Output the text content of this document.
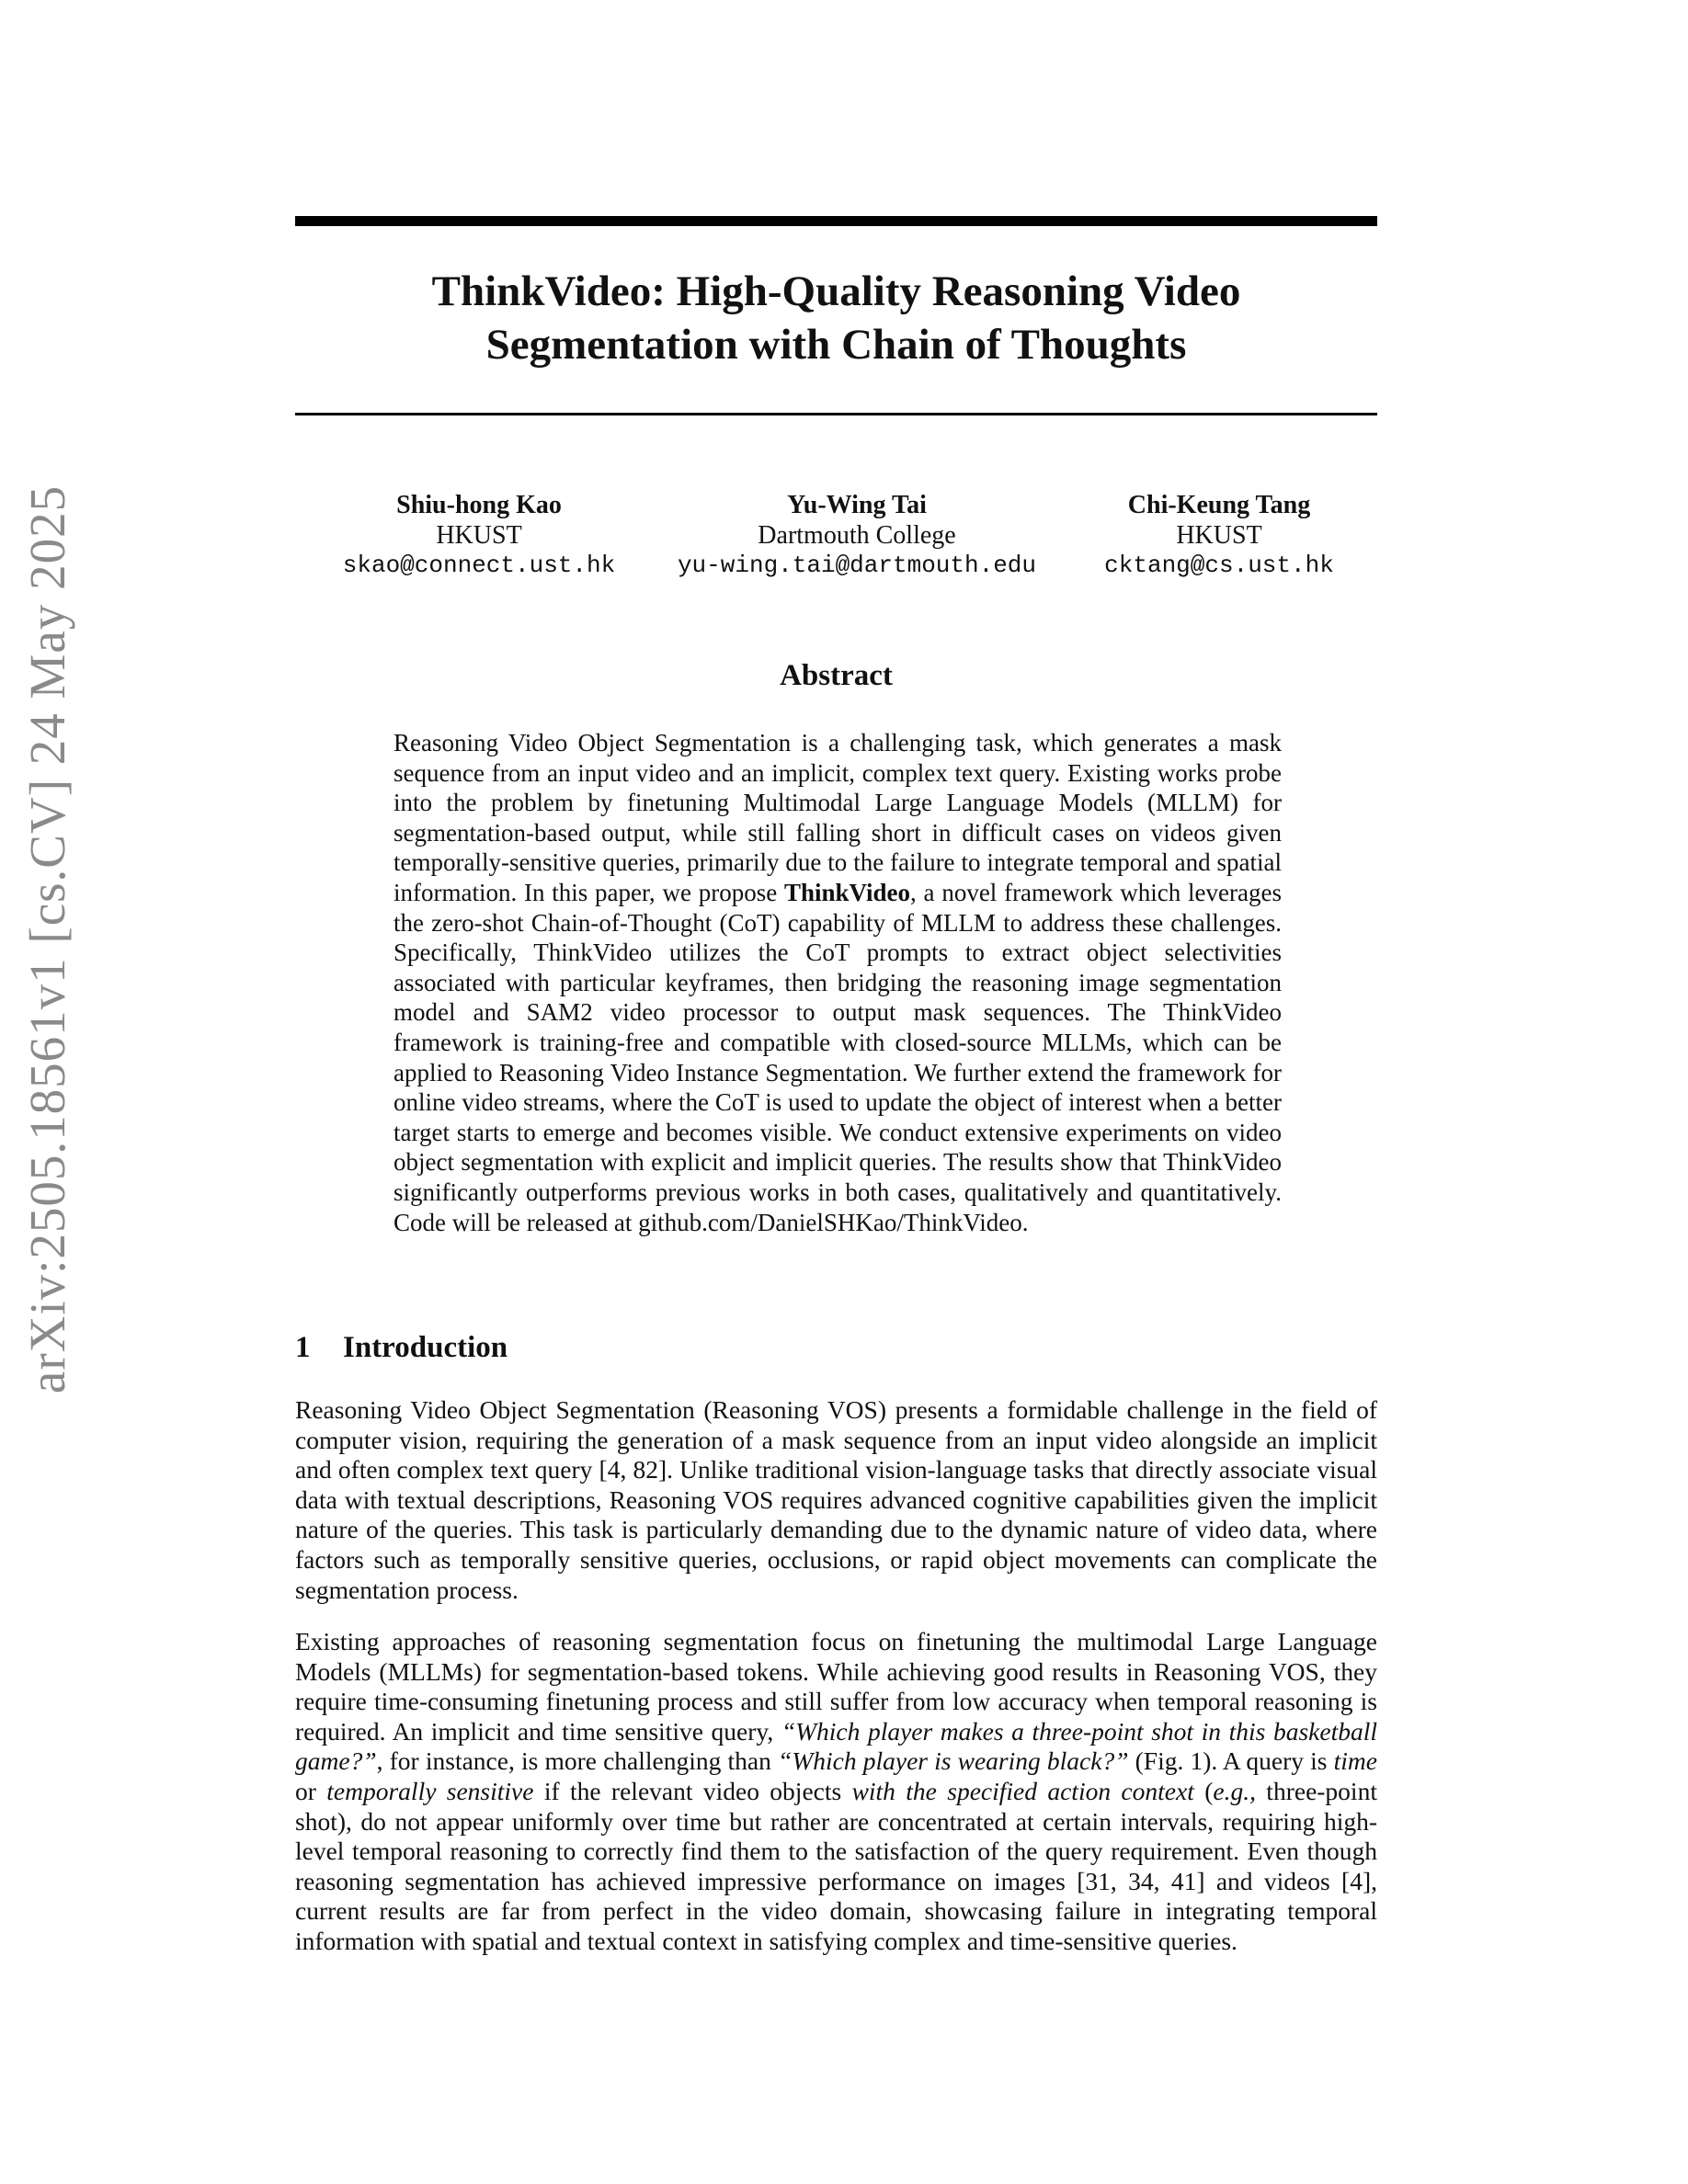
arXiv:2505.18561v1 [cs.CV] 24 May 2025
ThinkVideo: High-Quality Reasoning Video
Segmentation with Chain of Thoughts
Shiu-hong Kao
HKUST
skao@connect.ust.hk
Yu-Wing Tai
Dartmouth College
yu-wing.tai@dartmouth.edu
Chi-Keung Tang
HKUST
cktang@cs.ust.hk
Abstract

Reasoning Video Object Segmentation is a challenging task, which generates a mask sequence from an input video and an implicit, complex text query. Existing works probe into the problem by finetuning Multimodal Large Language Models (MLLM) for segmentation-based output, while still falling short in difficult cases on videos given temporally-sensitive queries, primarily due to the failure to integrate temporal and spatial information. In this paper, we propose ThinkVideo, a novel framework which leverages the zero-shot Chain-of-Thought (CoT) capability of MLLM to address these challenges. Specifically, ThinkVideo utilizes the CoT prompts to extract object selectivities associated with particular keyframes, then bridging the reasoning image segmentation model and SAM2 video processor to output mask sequences. The ThinkVideo framework is training-free and compatible with closed-source MLLMs, which can be applied to Reasoning Video Instance Segmentation. We further extend the framework for online video streams, where the CoT is used to update the object of interest when a better target starts to emerge and becomes visible. We conduct extensive experiments on video object segmentation with explicit and implicit queries. The results show that ThinkVideo significantly outperforms previous works in both cases, qualitatively and quantitatively. Code will be released at github.com/DanielSHKao/ThinkVideo.

1 Introduction

Reasoning Video Object Segmentation (Reasoning VOS) presents a formidable challenge in the field of computer vision, requiring the generation of a mask sequence from an input video alongside an implicit and often complex text query [4, 82]. Unlike traditional vision-language tasks that directly associate visual data with textual descriptions, Reasoning VOS requires advanced cognitive capabilities given the implicit nature of the queries. This task is particularly demanding due to the dynamic nature of video data, where factors such as temporally sensitive queries, occlusions, or rapid object movements can complicate the segmentation process.

Existing approaches of reasoning segmentation focus on finetuning the multimodal Large Language Models (MLLMs) for segmentation-based tokens. While achieving good results in Reasoning VOS, they require time-consuming finetuning process and still suffer from low accuracy when temporal reasoning is required. An implicit and time sensitive query, “Which player makes a three-point shot in this basketball game?”, for instance, is more challenging than “Which player is wearing black?” (Fig. 1). A query is time or temporally sensitive if the relevant video objects with the specified action context (e.g., three-point shot), do not appear uniformly over time but rather are concentrated at certain intervals, requiring high-level temporal reasoning to correctly find them to the satisfaction of the query requirement. Even though reasoning segmentation has achieved impressive performance on images [31, 34, 41] and videos [4], current results are far from perfect in the video domain, showcasing failure in integrating temporal information with spatial and textual context in satisfying complex and time-sensitive queries.
